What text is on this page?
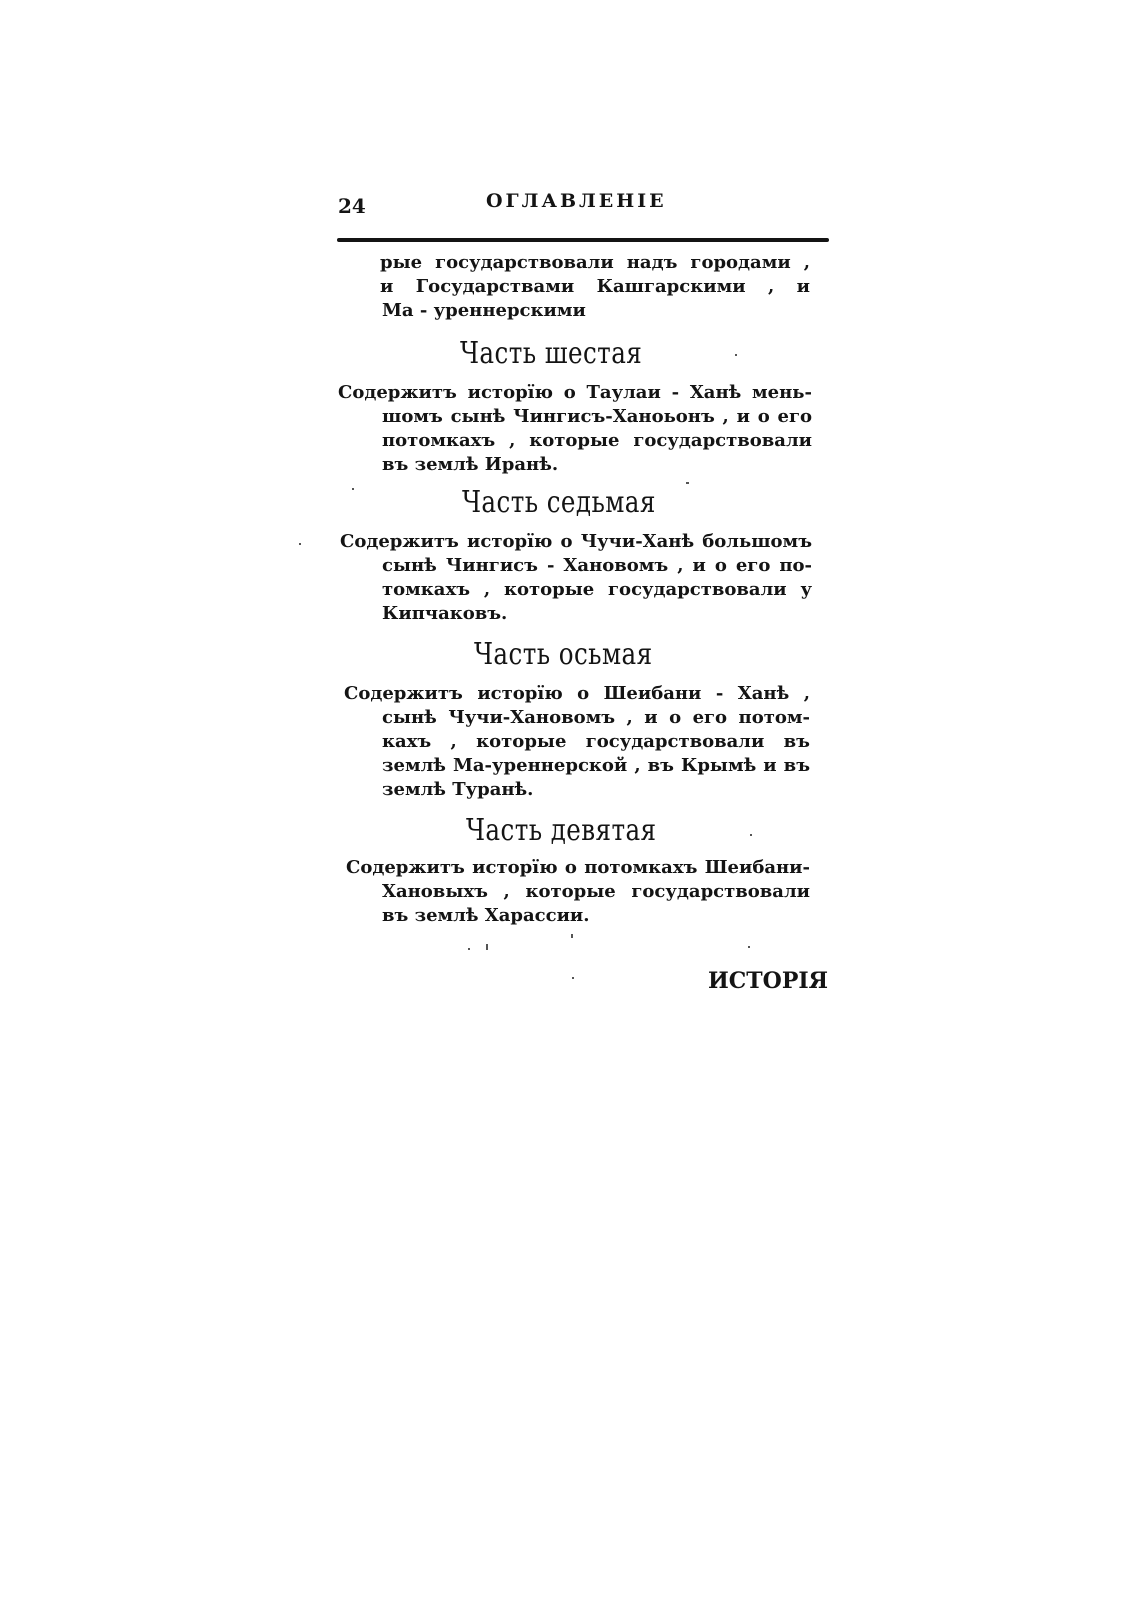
24	ОГЛАВЛЕНІЕ
рые государствовали надъ городами ,
и Государствами Кашгарскими , и
Ма - уреннерскими
Часть шестая
Содержитъ исторїю о Таулаи - Ханѣ мень-
шомъ сынѣ Чингисъ-Ханоьонъ , и о его
потомкахъ , которые государствовали
въ землѣ Иранѣ.
Часть седьмая
Содержитъ исторїю о Чучи-Ханѣ большомъ
сынѣ Чингисъ - Хановомъ , и о его по-
томкахъ , которые государствовали у
Кипчаковъ.
Часть осьмая
Содержитъ исторїю о Шеибани - Ханѣ ,
сынѣ Чучи-Хановомъ , и о его потом-
кахъ , которые государствовали въ
землѣ Ма-уреннерской , въ Крымѣ и въ
землѣ Туранѣ.
Часть девятая
Содержитъ исторїю о потомкахъ Шеибани-
Хановыхъ , которые государствовали
въ землѣ Харассии.
ИСТОРІЯ
